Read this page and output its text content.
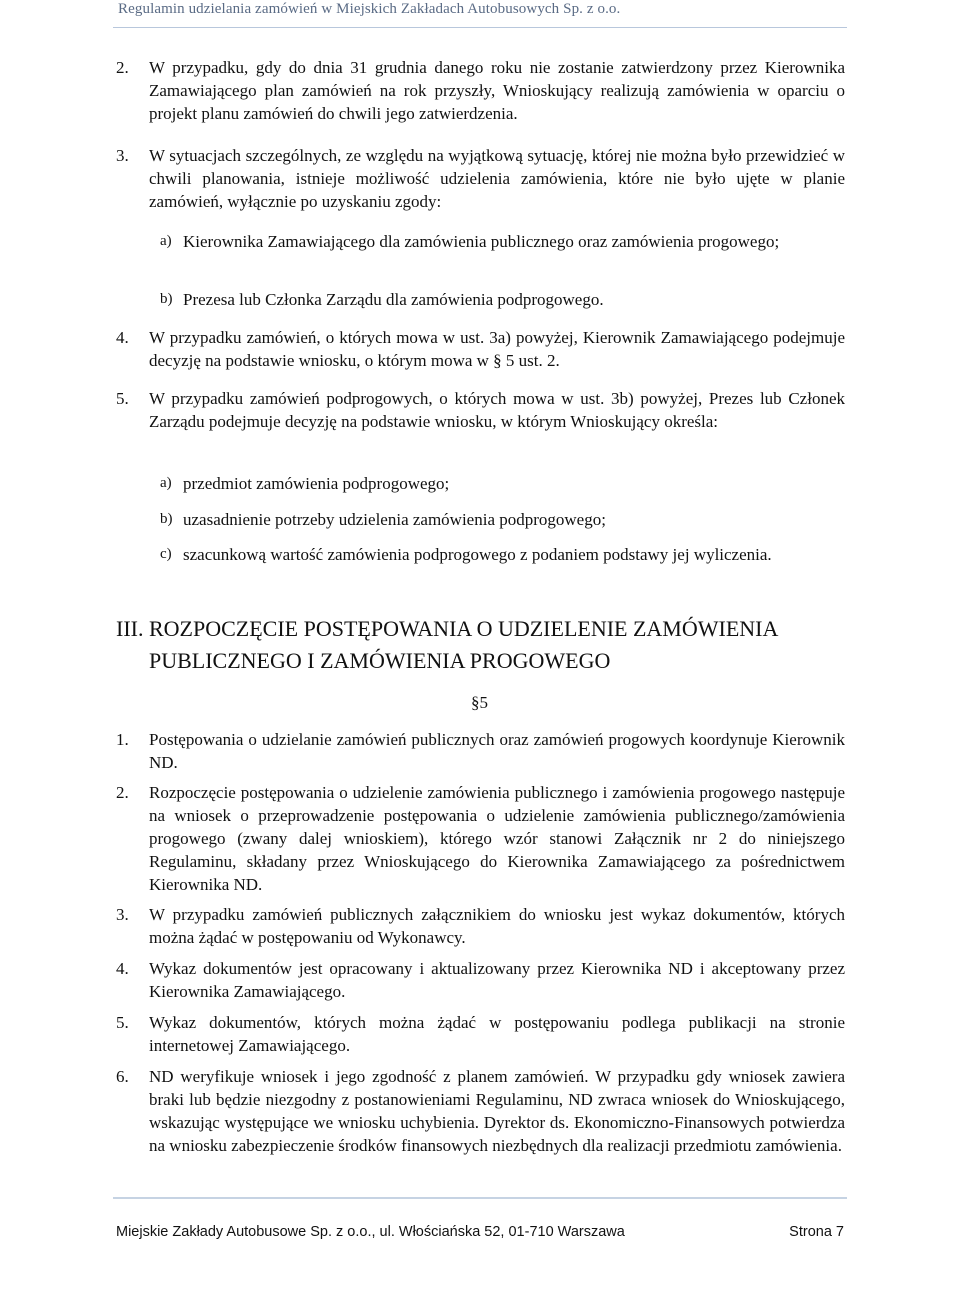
Regulamin udzielania zamówień w Miejskich Zakładach Autobusowych Sp. z o.o.
2. W przypadku, gdy do dnia 31 grudnia danego roku nie zostanie zatwierdzony przez Kierownika Zamawiającego plan zamówień na rok przyszły, Wnioskujący realizują zamówienia w oparciu o projekt planu zamówień do chwili jego zatwierdzenia.
3. W sytuacjach szczególnych, ze względu na wyjątkową sytuację, której nie można było przewidzieć w chwili planowania, istnieje możliwość udzielenia zamówienia, które nie było ujęte w planie zamówień, wyłącznie po uzyskaniu zgody:
a) Kierownika Zamawiającego dla zamówienia publicznego oraz zamówienia progowego;
b) Prezesa lub Członka Zarządu dla zamówienia podprogowego.
4. W przypadku zamówień, o których mowa w ust. 3a) powyżej, Kierownik Zamawiającego podejmuje decyzję na podstawie wniosku, o którym mowa w § 5 ust. 2.
5. W przypadku zamówień podprogowych, o których mowa w ust. 3b) powyżej, Prezes lub Członek Zarządu podejmuje decyzję na podstawie wniosku, w którym Wnioskujący określa:
a) przedmiot zamówienia podprogowego;
b) uzasadnienie potrzeby udzielenia zamówienia podprogowego;
c) szacunkową wartość zamówienia podprogowego z podaniem podstawy jej wyliczenia.
III. ROZPOCZĘCIE POSTĘPOWANIA O UDZIELENIE ZAMÓWIENIA PUBLICZNEGO I ZAMÓWIENIA PROGOWEGO
§5
1. Postępowania o udzielanie zamówień publicznych oraz zamówień progowych koordynuje Kierownik ND.
2. Rozpoczęcie postępowania o udzielenie zamówienia publicznego i zamówienia progowego następuje na wniosek o przeprowadzenie postępowania o udzielenie zamówienia publicznego/zamówienia progowego (zwany dalej wnioskiem), którego wzór stanowi Załącznik nr 2 do niniejszego Regulaminu, składany przez Wnioskującego do Kierownika Zamawiającego za pośrednictwem Kierownika ND.
3. W przypadku zamówień publicznych załącznikiem do wniosku jest wykaz dokumentów, których można żądać w postępowaniu od Wykonawcy.
4. Wykaz dokumentów jest opracowany i aktualizowany przez Kierownika ND i akceptowany przez Kierownika Zamawiającego.
5. Wykaz dokumentów, których można żądać w postępowaniu podlega publikacji na stronie internetowej Zamawiającego.
6. ND weryfikuje wniosek i jego zgodność z planem zamówień. W przypadku gdy wniosek zawiera braki lub będzie niezgodny z postanowieniami Regulaminu, ND zwraca wniosek do Wnioskującego, wskazując występujące we wniosku uchybienia. Dyrektor ds. Ekonomiczno-Finansowych potwierdza na wniosku zabezpieczenie środków finansowych niezbędnych dla realizacji przedmiotu zamówienia.
Miejskie Zakłady Autobusowe Sp. z o.o., ul. Włościańska 52, 01-710 Warszawa	Strona 7
